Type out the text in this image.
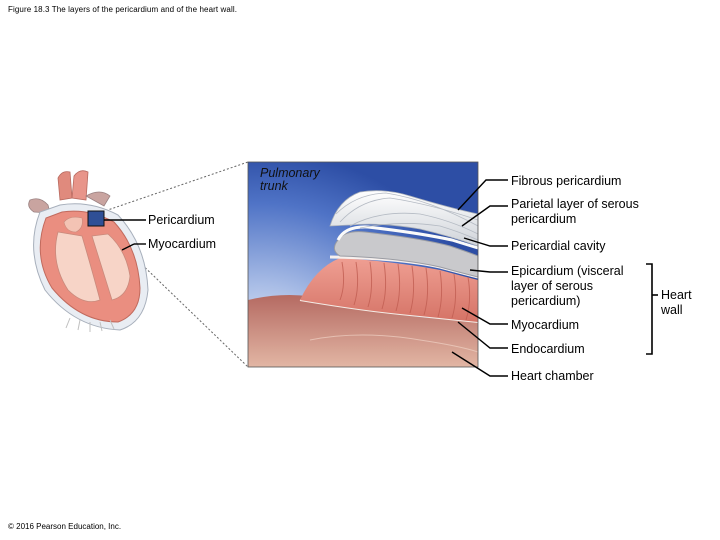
Figure 18.3 The layers of the pericardium and of the heart wall.
Pulmonary
trunk
Pericardium
Myocardium
Fibrous pericardium
Parietal layer of serous
pericardium
Pericardial cavity
Epicardium (visceral
layer of serous
pericardium)
Myocardium
Endocardium
Heart chamber
Heart
wall
© 2016 Pearson Education, Inc.
